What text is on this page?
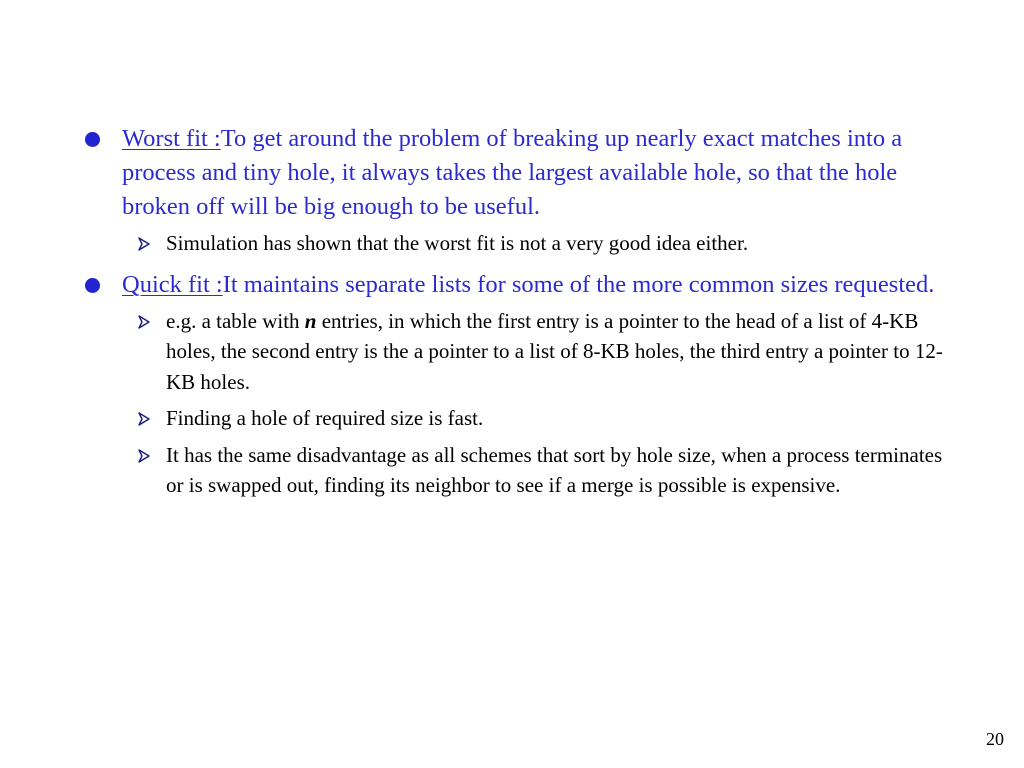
Worst fit :To get around the problem of breaking up nearly exact matches into a process and tiny hole, it always takes the largest available hole, so that the hole broken off will be big enough to be useful.
Simulation has shown that the worst fit is not a very good idea either.
Quick fit :It maintains separate lists for some of the more common sizes requested.
e.g. a table with n entries, in which the first entry is a pointer to the head of a list of 4-KB holes, the second entry is the a pointer to a list of 8-KB holes, the third entry a pointer to 12-KB holes.
Finding a hole of required size is fast.
It has the same disadvantage as all schemes that sort by hole size, when a process terminates or is swapped out, finding its neighbor to see if a merge is possible is expensive.
20
